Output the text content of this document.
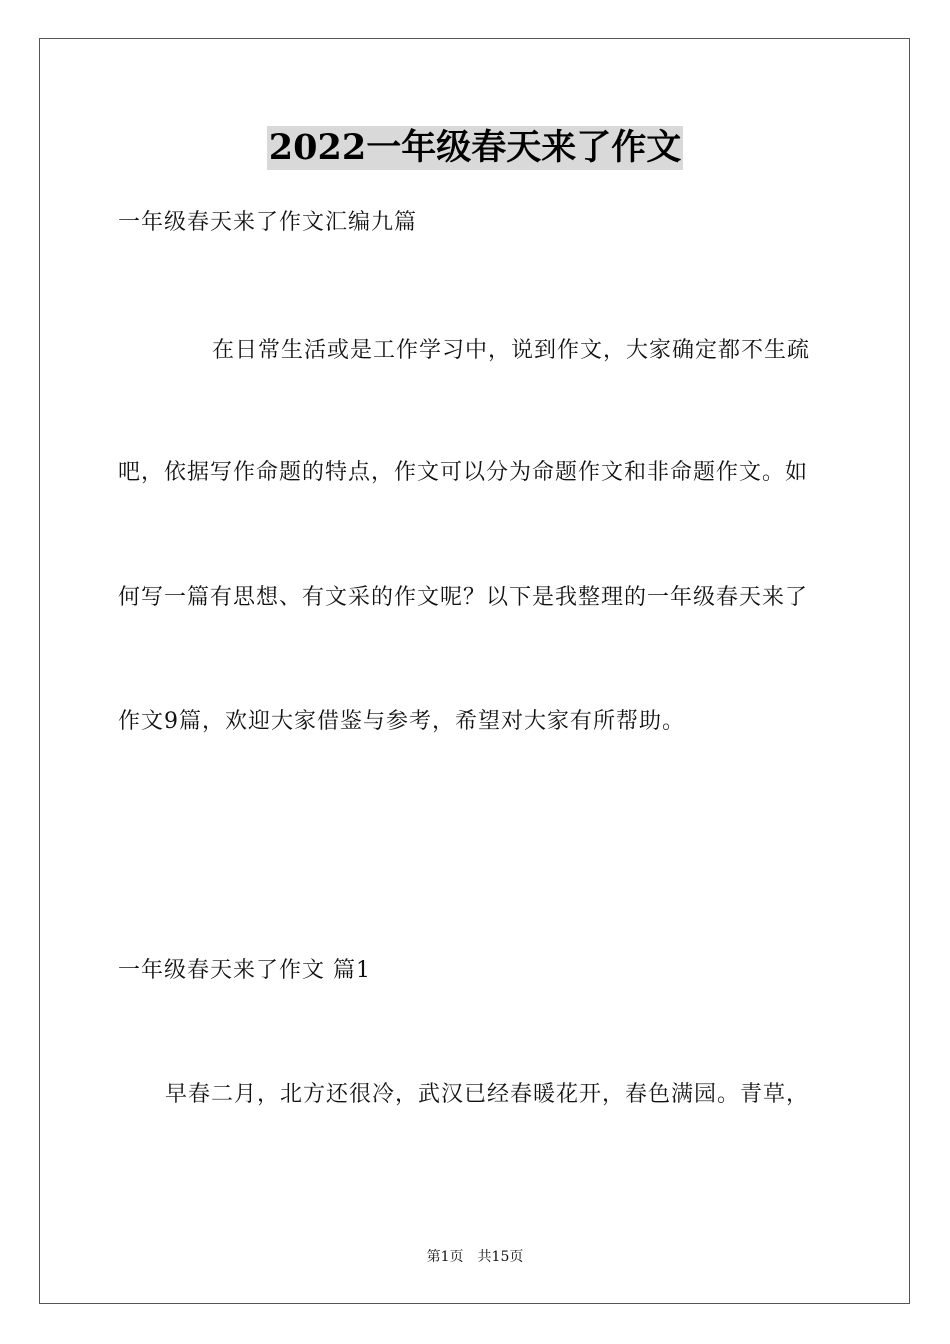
2022一年级春天来了作文
一年级春天来了作文汇编九篇
在日常生活或是工作学习中，说到作文，大家确定都不生疏
吧，依据写作命题的特点，作文可以分为命题作文和非命题作文。如
何写一篇有思想、有文采的作文呢？以下是我整理的一年级春天来了
作文9篇，欢迎大家借鉴与参考，希望对大家有所帮助。
一年级春天来了作文 篇1
早春二月，北方还很冷，武汉已经春暖花开，春色满园。青草，
第1页 共15页
